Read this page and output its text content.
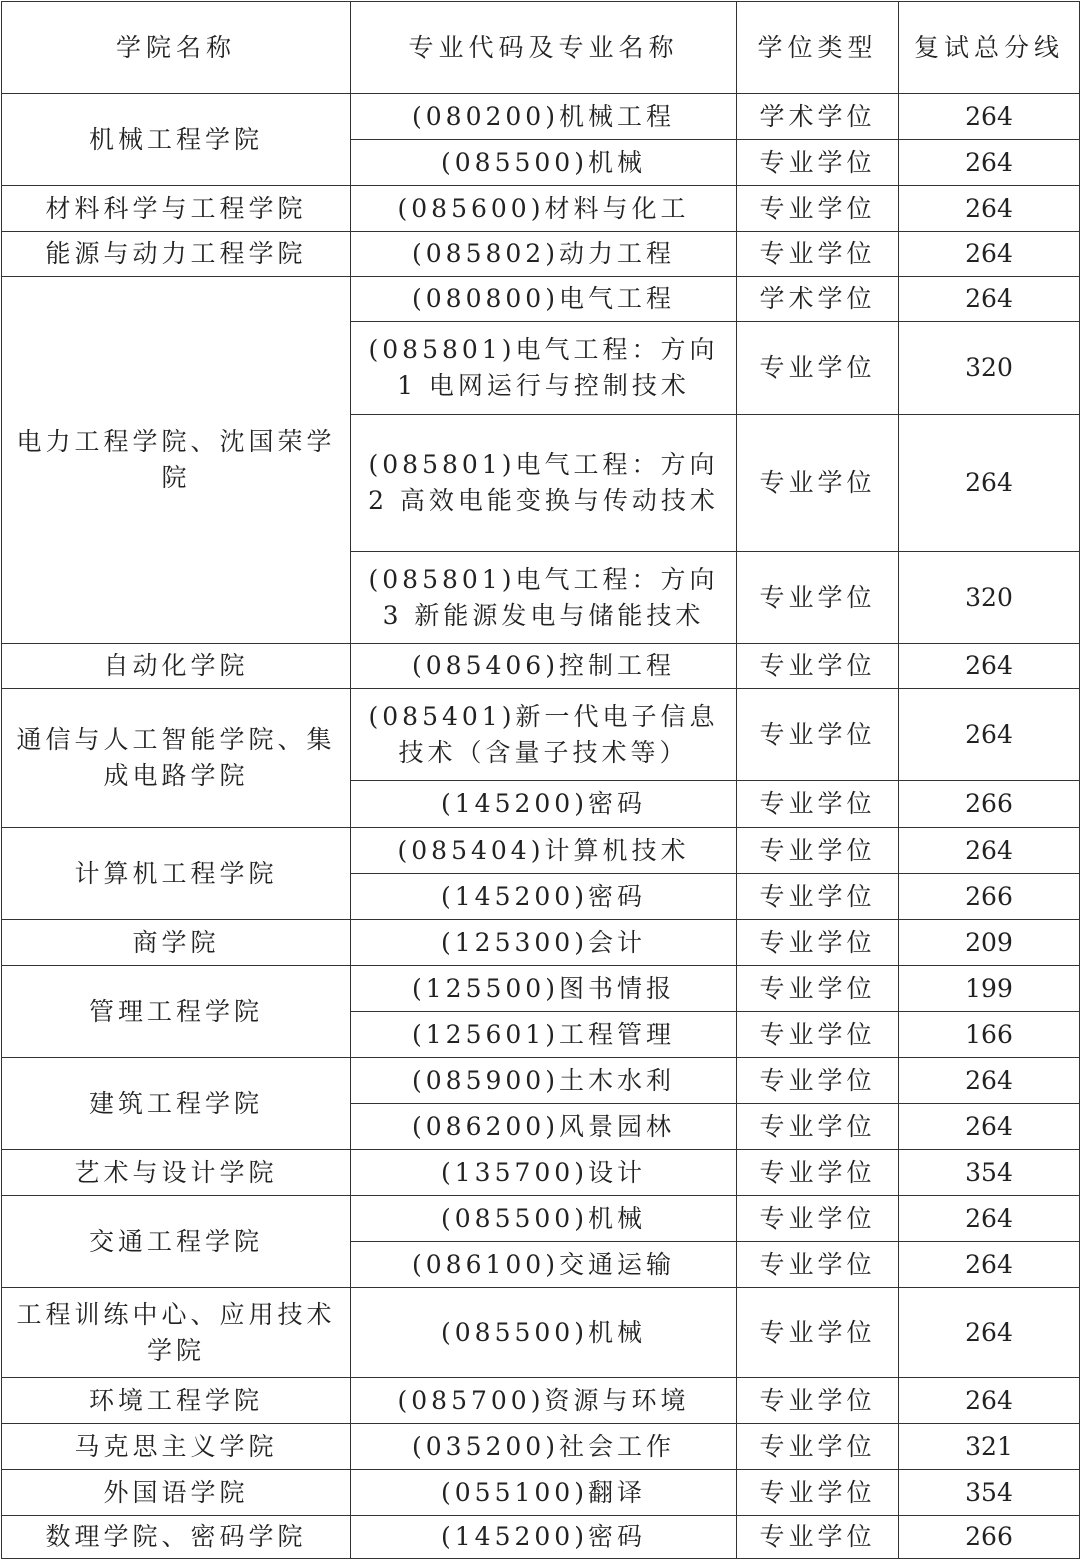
学院名称	专业代码及专业名称	学位类型	复试总分线
机械工程学院	(080200)机械工程	学术学位	264
	(085500)机械	专业学位	264
材料科学与工程学院	(085600)材料与化工	专业学位	264
能源与动力工程学院	(085802)动力工程	专业学位	264
电力工程学院、沈国荣学院	(080800)电气工程	学术学位	264
	(085801)电气工程：方向 1 电网运行与控制技术	专业学位	320
	(085801)电气工程：方向 2 高效电能变换与传动技术	专业学位	264
	(085801)电气工程：方向 3 新能源发电与储能技术	专业学位	320
自动化学院	(085406)控制工程	专业学位	264
通信与人工智能学院、集成电路学院	(085401)新一代电子信息技术（含量子技术等）	专业学位	264
	(145200)密码	专业学位	266
计算机工程学院	(085404)计算机技术	专业学位	264
	(145200)密码	专业学位	266
商学院	(125300)会计	专业学位	209
管理工程学院	(125500)图书情报	专业学位	199
	(125601)工程管理	专业学位	166
建筑工程学院	(085900)土木水利	专业学位	264
	(086200)风景园林	专业学位	264
艺术与设计学院	(135700)设计	专业学位	354
交通工程学院	(085500)机械	专业学位	264
	(086100)交通运输	专业学位	264
工程训练中心、应用技术学院	(085500)机械	专业学位	264
环境工程学院	(085700)资源与环境	专业学位	264
马克思主义学院	(035200)社会工作	专业学位	321
外国语学院	(055100)翻译	专业学位	354
数理学院、密码学院	(145200)密码	专业学位	266
